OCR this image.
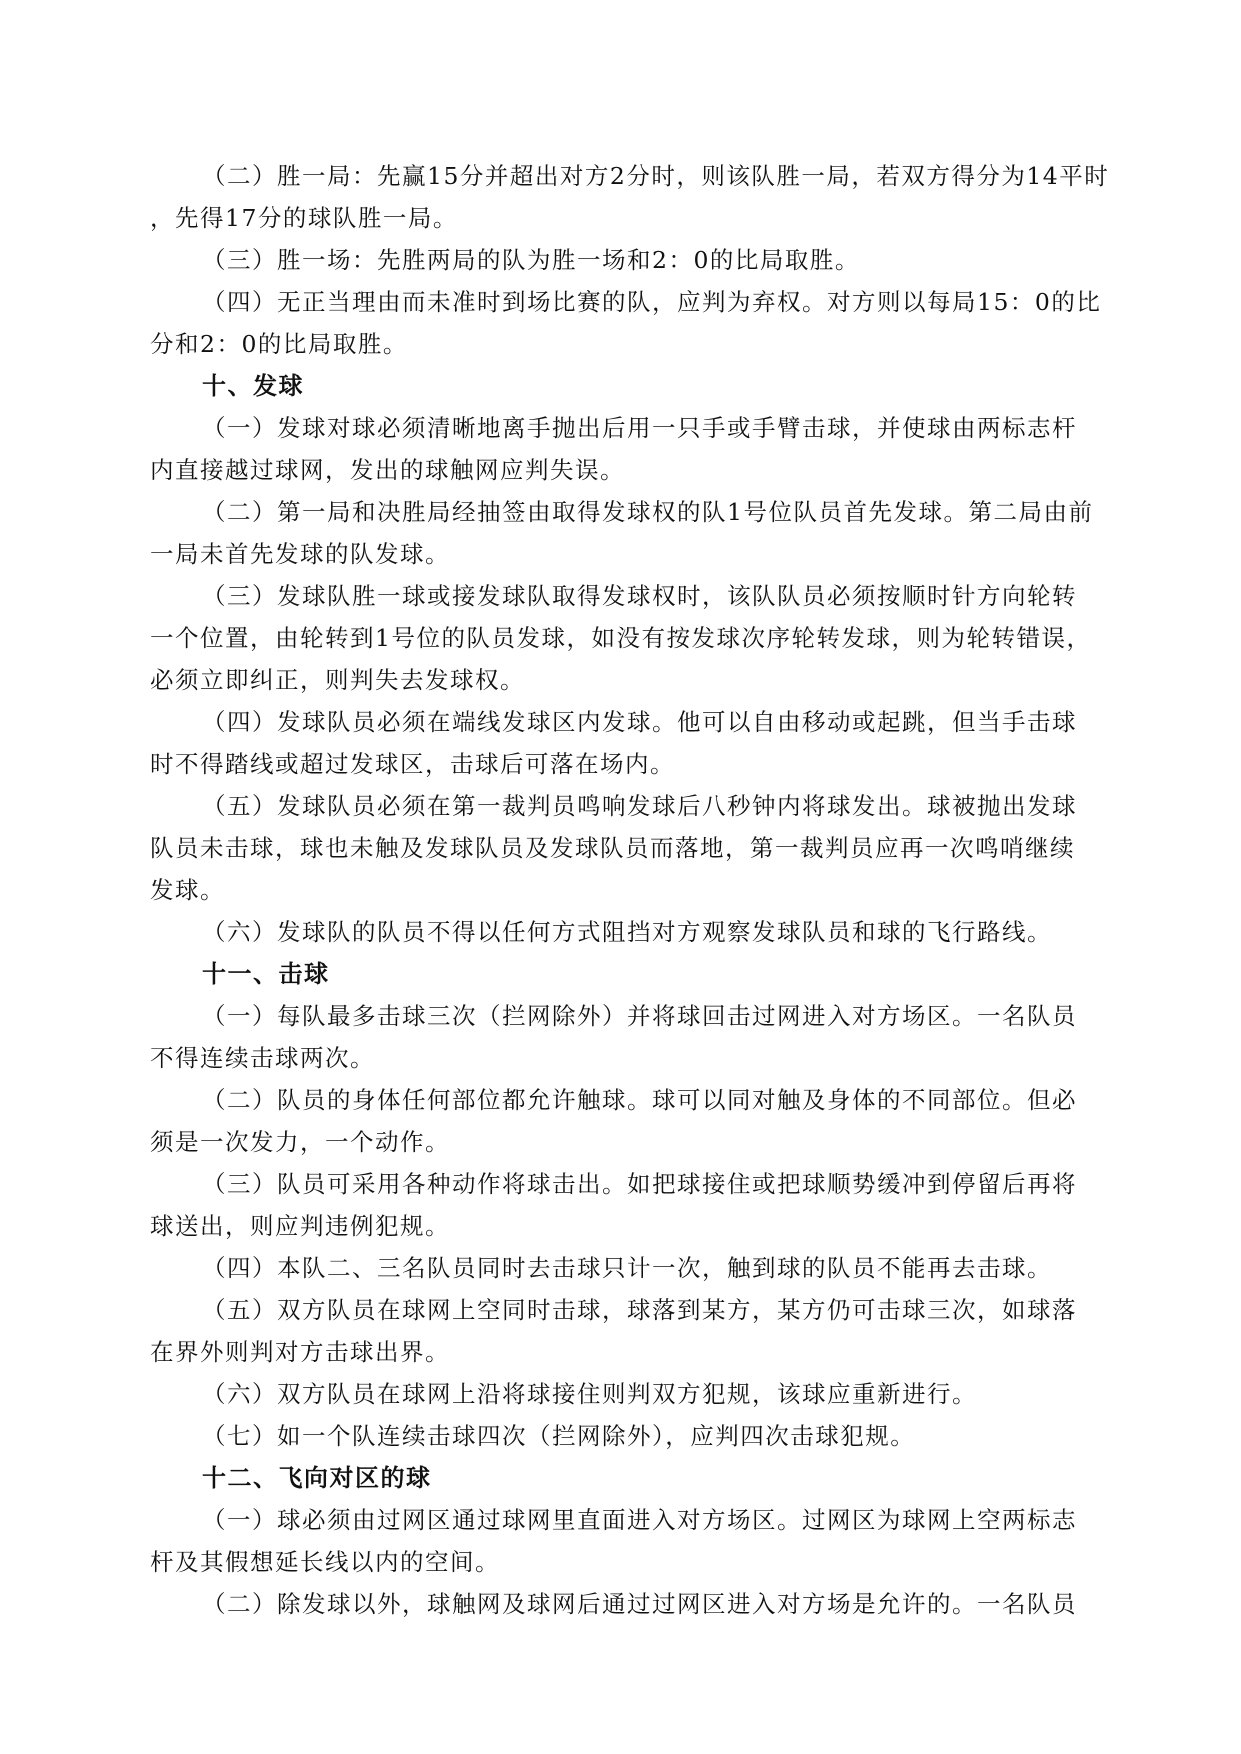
（二）胜一局：先赢15分并超出对方2分时，则该队胜一局，若双方得分为14平时
，先得17分的球队胜一局。
（三）胜一场：先胜两局的队为胜一场和2：0的比局取胜。
（四）无正当理由而未准时到场比赛的队，应判为弃权。对方则以每局15：0的比
分和2：0的比局取胜。
十、发球
（一）发球对球必须清晰地离手抛出后用一只手或手臂击球，并使球由两标志杆
内直接越过球网，发出的球触网应判失误。
（二）第一局和决胜局经抽签由取得发球权的队1号位队员首先发球。第二局由前
一局未首先发球的队发球。
（三）发球队胜一球或接发球队取得发球权时，该队队员必须按顺时针方向轮转
一个位置，由轮转到1号位的队员发球，如没有按发球次序轮转发球，则为轮转错误，
必须立即纠正，则判失去发球权。
（四）发球队员必须在端线发球区内发球。他可以自由移动或起跳，但当手击球
时不得踏线或超过发球区，击球后可落在场内。
（五）发球队员必须在第一裁判员鸣响发球后八秒钟内将球发出。球被抛出发球
队员未击球，球也未触及发球队员及发球队员而落地，第一裁判员应再一次鸣哨继续
发球。
（六）发球队的队员不得以任何方式阻挡对方观察发球队员和球的飞行路线。
十一、击球
（一）每队最多击球三次（拦网除外）并将球回击过网进入对方场区。一名队员
不得连续击球两次。
（二）队员的身体任何部位都允许触球。球可以同对触及身体的不同部位。但必
须是一次发力，一个动作。
（三）队员可采用各种动作将球击出。如把球接住或把球顺势缓冲到停留后再将
球送出，则应判违例犯规。
（四）本队二、三名队员同时去击球只计一次，触到球的队员不能再去击球。
（五）双方队员在球网上空同时击球，球落到某方，某方仍可击球三次，如球落
在界外则判对方击球出界。
（六）双方队员在球网上沿将球接住则判双方犯规，该球应重新进行。
（七）如一个队连续击球四次（拦网除外），应判四次击球犯规。
十二、飞向对区的球
（一）球必须由过网区通过球网里直面进入对方场区。过网区为球网上空两标志
杆及其假想延长线以内的空间。
（二）除发球以外，球触网及球网后通过过网区进入对方场是允许的。一名队员
